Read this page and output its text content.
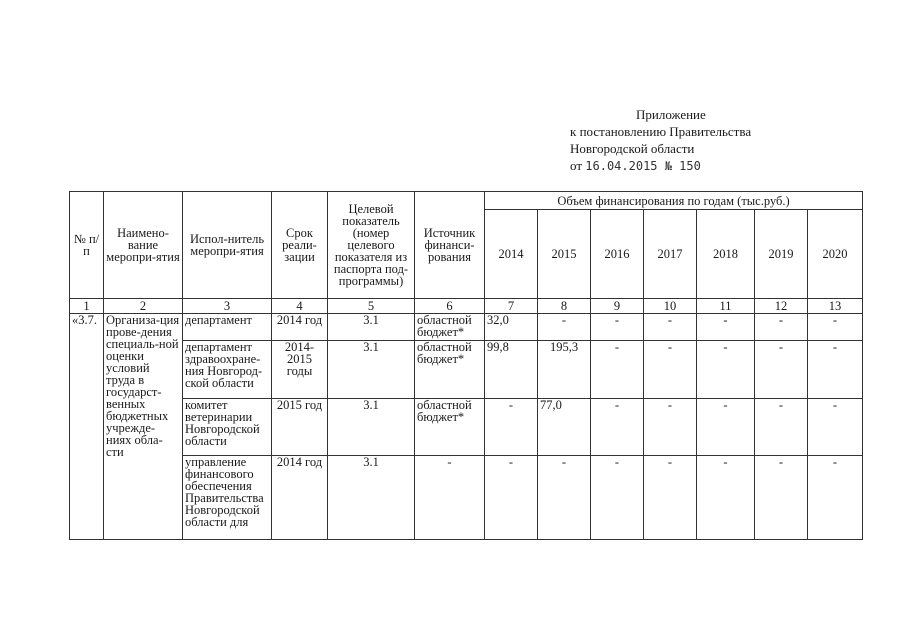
Приложение
к постановлению Правительства
Новгородской области
от 16.04.2015 № 150
№ п/п	Наимено-вание меропри-ятия	Испол-нитель меропри-ятия	Срок реали-зации	Целевой показатель (номер целевого показателя из паспорта под-программы)	Источник финанси-рования	Объем финансирования по годам (тыс.руб.)						
						2014	2015	2016	2017	2018	2019	2020
1	2	3	4	5	6	7	8	9	10	11	12	13
«3.7.	Организа-ция прове-дения специаль-ной оценки условий труда в государст-венных бюджетных учрежде-ниях обла-сти	департамент	2014 год	3.1	областной бюджет*	32,0	-	-	-	-	-	-
		департамент здравоохране-ния Новгород-ской области	2014-2015 годы	3.1	областной бюджет*	99,8	195,3	-	-	-	-	-
		комитет ветеринарии Новгородской области	2015 год	3.1	областной бюджет*	-	77,0	-	-	-	-	-
		управление финансового обеспечения Правительства Новгородской области для	2014 год	3.1	-	-	-	-	-	-	-	-
